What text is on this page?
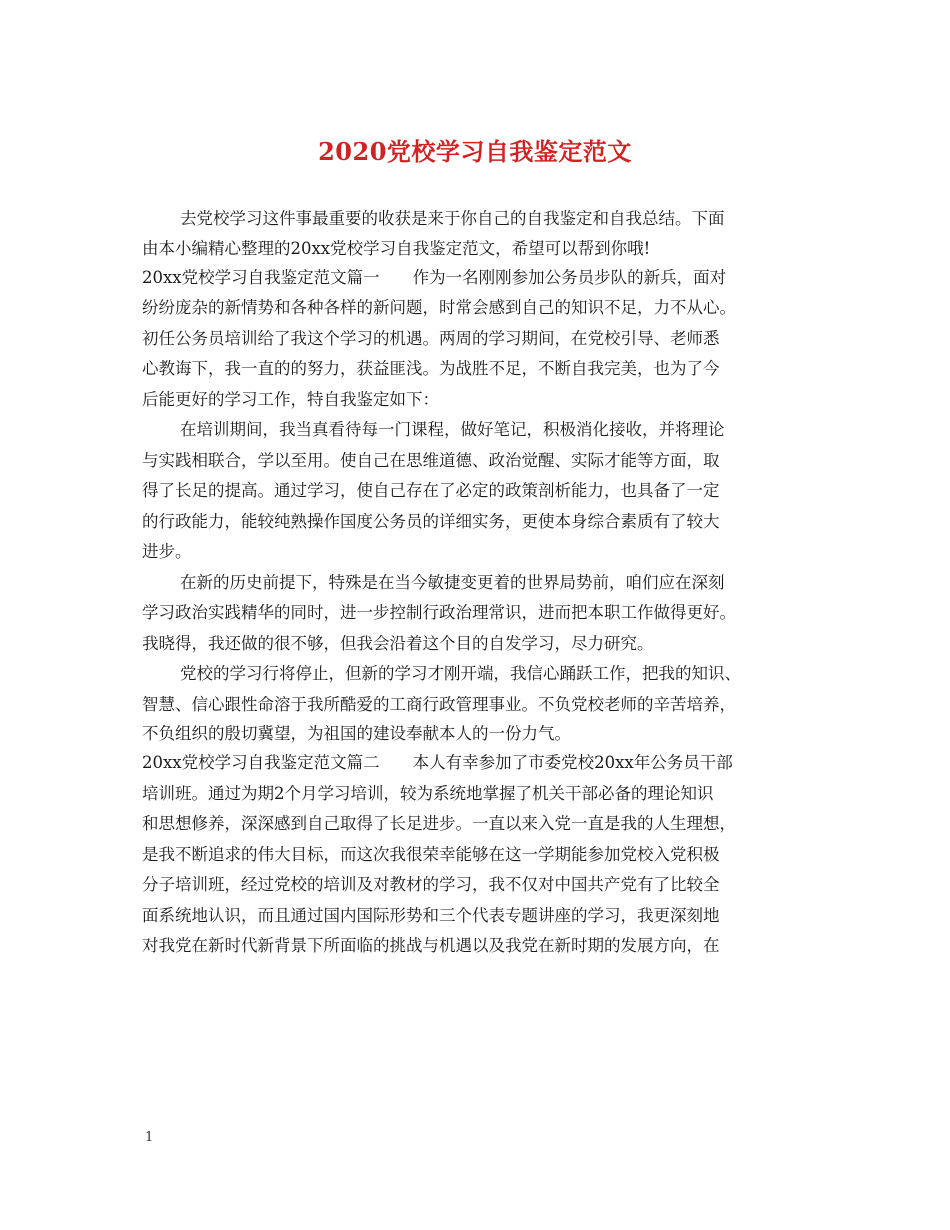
2020党校学习自我鉴定范文
去党校学习这件事最重要的收获是来于你自己的自我鉴定和自我总结。下面
由本小编精心整理的20xx党校学习自我鉴定范文，希望可以帮到你哦!
20xx党校学习自我鉴定范文篇一　　作为一名刚刚参加公务员步队的新兵，面对
纷纷庞杂的新情势和各种各样的新问题，时常会感到自己的知识不足，力不从心。
初任公务员培训给了我这个学习的机遇。两周的学习期间，在党校引导、老师悉
心教诲下，我一直的的努力，获益匪浅。为战胜不足，不断自我完美，也为了今
后能更好的学习工作，特自我鉴定如下：
在培训期间，我当真看待每一门课程，做好笔记，积极消化接收，并将理论
与实践相联合，学以至用。使自己在思维道德、政治觉醒、实际才能等方面，取
得了长足的提高。通过学习，使自己存在了必定的政策剖析能力，也具备了一定
的行政能力，能较纯熟操作国度公务员的详细实务，更使本身综合素质有了较大
进步。
在新的历史前提下，特殊是在当今敏捷变更着的世界局势前，咱们应在深刻
学习政治实践精华的同时，进一步控制行政治理常识，进而把本职工作做得更好。
我晓得，我还做的很不够，但我会沿着这个目的自发学习，尽力研究。
党校的学习行将停止，但新的学习才刚开端，我信心踊跃工作，把我的知识、
智慧、信心跟性命溶于我所酷爱的工商行政管理事业。不负党校老师的辛苦培养，
不负组织的殷切冀望，为祖国的建设奉献本人的一份力气。
20xx党校学习自我鉴定范文篇二　　本人有幸参加了市委党校20xx年公务员干部
培训班。通过为期2个月学习培训，较为系统地掌握了机关干部必备的理论知识
和思想修养，深深感到自己取得了长足进步。一直以来入党一直是我的人生理想，
是我不断追求的伟大目标，而这次我很荣幸能够在这一学期能参加党校入党积极
分子培训班，经过党校的培训及对教材的学习，我不仅对中国共产党有了比较全
面系统地认识，而且通过国内国际形势和三个代表专题讲座的学习，我更深刻地
对我党在新时代新背景下所面临的挑战与机遇以及我党在新时期的发展方向，在
1
